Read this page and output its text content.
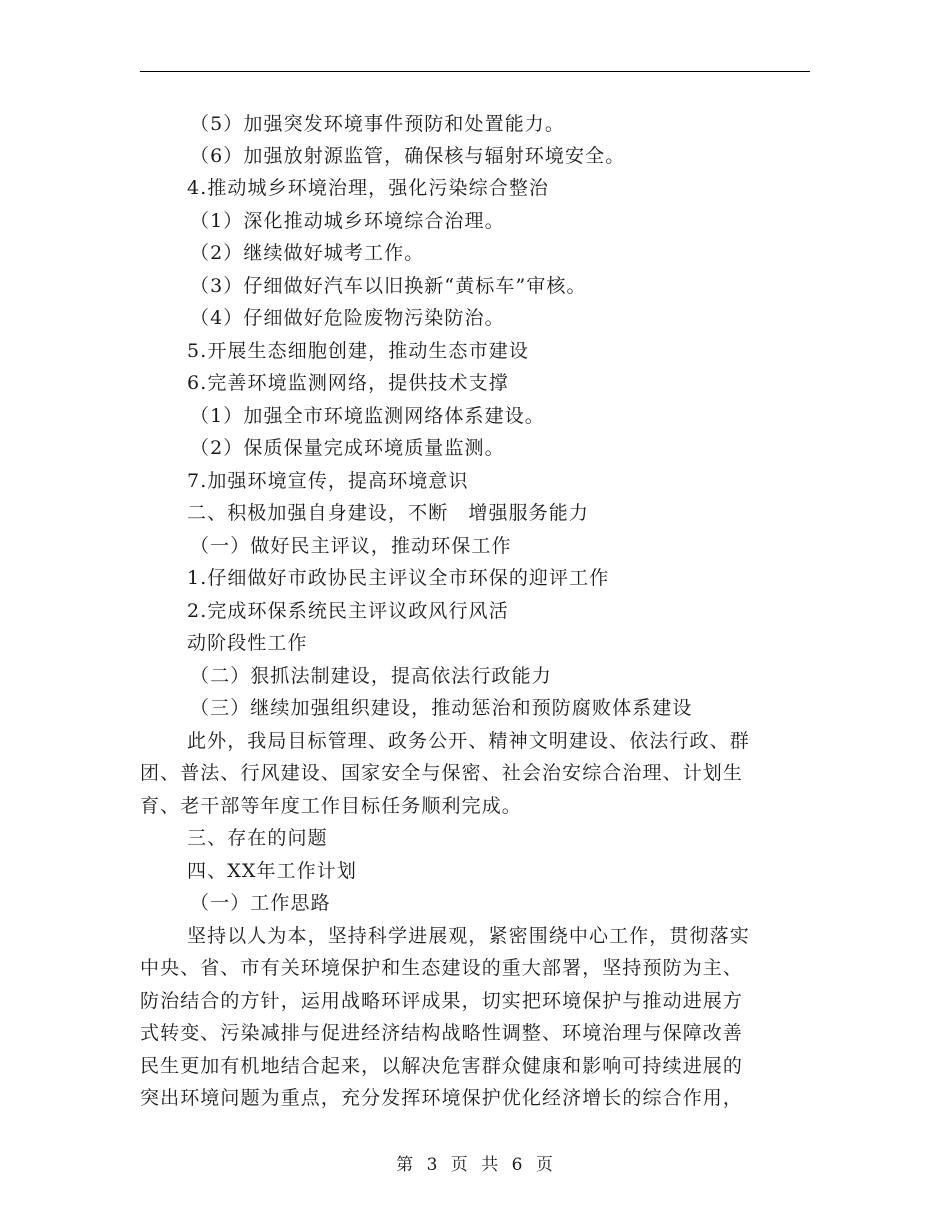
（5）加强突发环境事件预防和处置能力。
（6）加强放射源监管，确保核与辐射环境安全。
4.推动城乡环境治理，强化污染综合整治
（1）深化推动城乡环境综合治理。
（2）继续做好城考工作。
（3）仔细做好汽车以旧换新“黄标车”审核。
（4）仔细做好危险废物污染防治。
5.开展生态细胞创建，推动生态市建设
6.完善环境监测网络，提供技术支撑
（1）加强全市环境监测网络体系建设。
（2）保质保量完成环境质量监测。
7.加强环境宣传，提高环境意识
二、积极加强自身建设，不断　增强服务能力
（一）做好民主评议，推动环保工作
1.仔细做好市政协民主评议全市环保的迎评工作
2.完成环保系统民主评议政风行风活
动阶段性工作
（二）狠抓法制建设，提高依法行政能力
（三）继续加强组织建设，推动惩治和预防腐败体系建设
此外，我局目标管理、政务公开、精神文明建设、依法行政、群
团、普法、行风建设、国家安全与保密、社会治安综合治理、计划生
育、老干部等年度工作目标任务顺利完成。
三、存在的问题
四、XX年工作计划
（一）工作思路
坚持以人为本，坚持科学进展观，紧密围绕中心工作，贯彻落实
中央、省、市有关环境保护和生态建设的重大部署，坚持预防为主、
防治结合的方针，运用战略环评成果，切实把环境保护与推动进展方
式转变、污染减排与促进经济结构战略性调整、环境治理与保障改善
民生更加有机地结合起来，以解决危害群众健康和影响可持续进展的
突出环境问题为重点，充分发挥环境保护优化经济增长的综合作用，
第 3 页 共 6 页
